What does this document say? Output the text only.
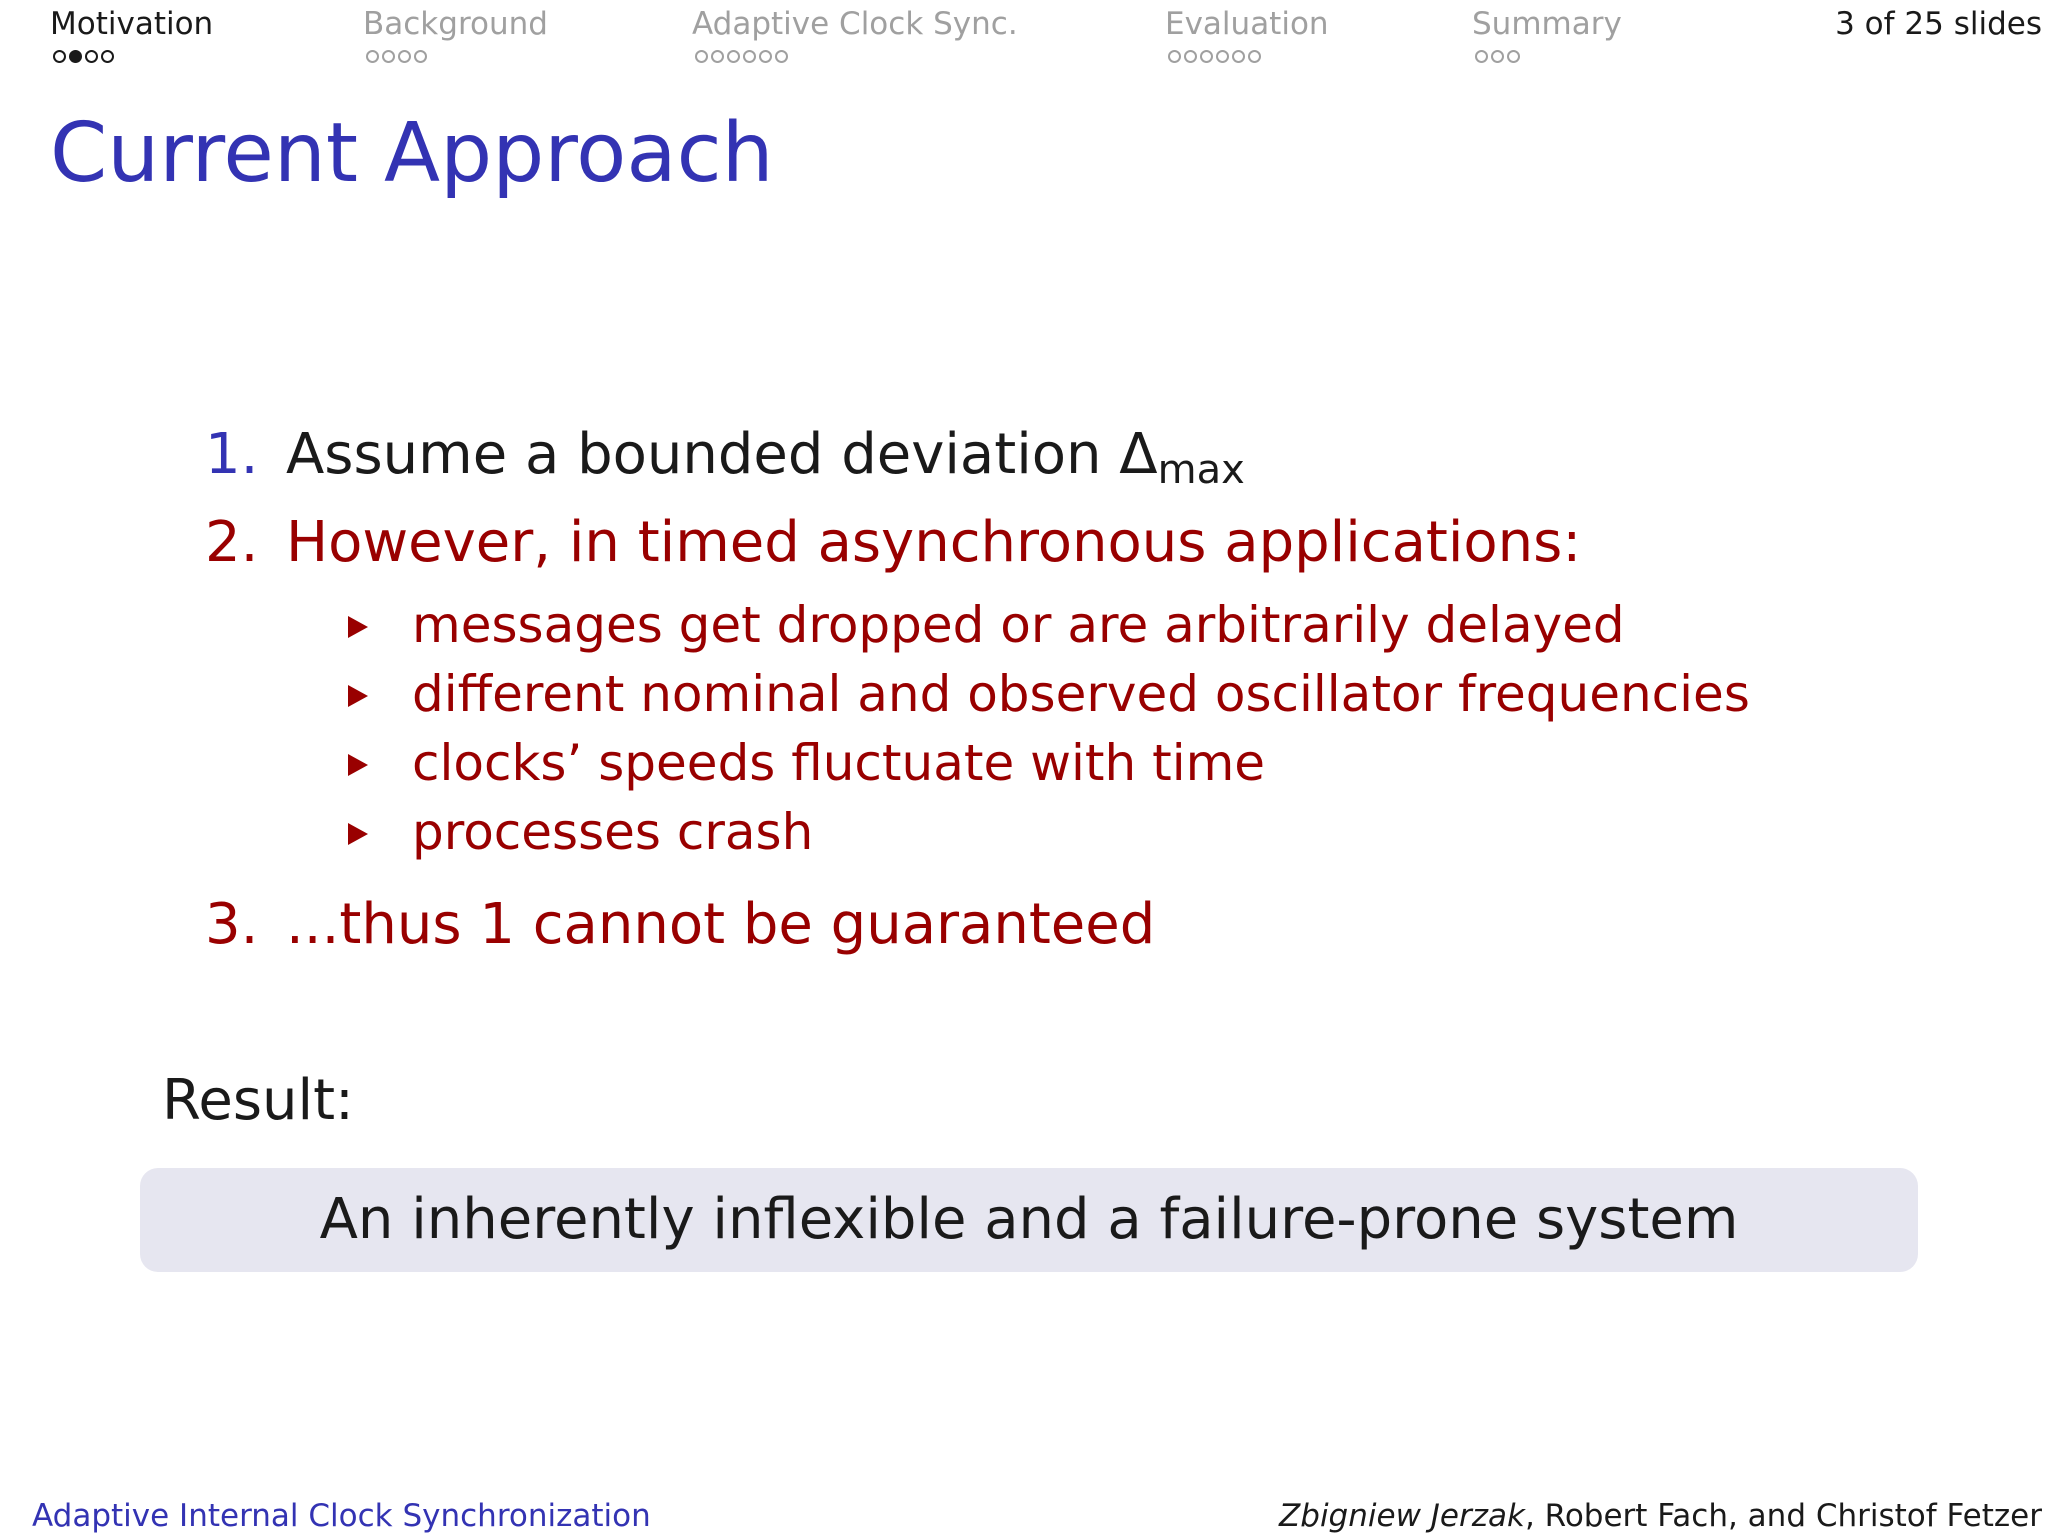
Motivation	Background	Adaptive Clock Sync.	Evaluation	Summary	3 of 25 slides
Current Approach
1. Assume a bounded deviation $\Delta_{max}$
2. However, in timed asynchronous applications:
messages get dropped or are arbitrarily delayed
different nominal and observed oscillator frequencies
clocks’ speeds fluctuate with time
processes crash
3. ...thus 1 cannot be guaranteed
Result:
An inherently inflexible and a failure-prone system
Adaptive Internal Clock Synchronization	Zbigniew Jerzak, Robert Fach, and Christof Fetzer
